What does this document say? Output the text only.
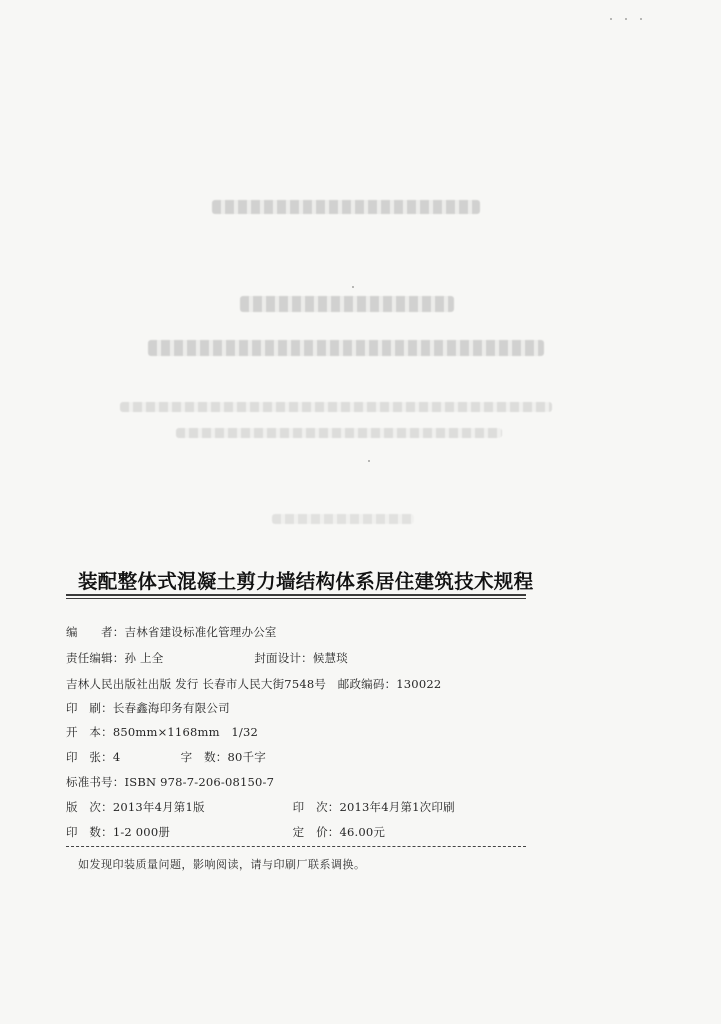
装配整体式混凝土剪力墙结构体系居住建筑技术规程
编　　者：吉林省建设标准化管理办公室
责任编辑：孙 上全	封面设计：候慧琰
吉林人民出版社出版 发行 长春市人民大街7548号　邮政编码：130022
印　刷：长春鑫海印务有限公司
开　本：850mm×1168mm　1/32
印　张：4	字　数：80千字
标准书号：ISBN 978-7-206-08150-7
版　次：2013年4月第1版	印　次：2013年4月第1次印刷
印　数：1-2 000册	定　价：46.00元
如发现印装质量问题，影响阅读，请与印刷厂联系调换。
